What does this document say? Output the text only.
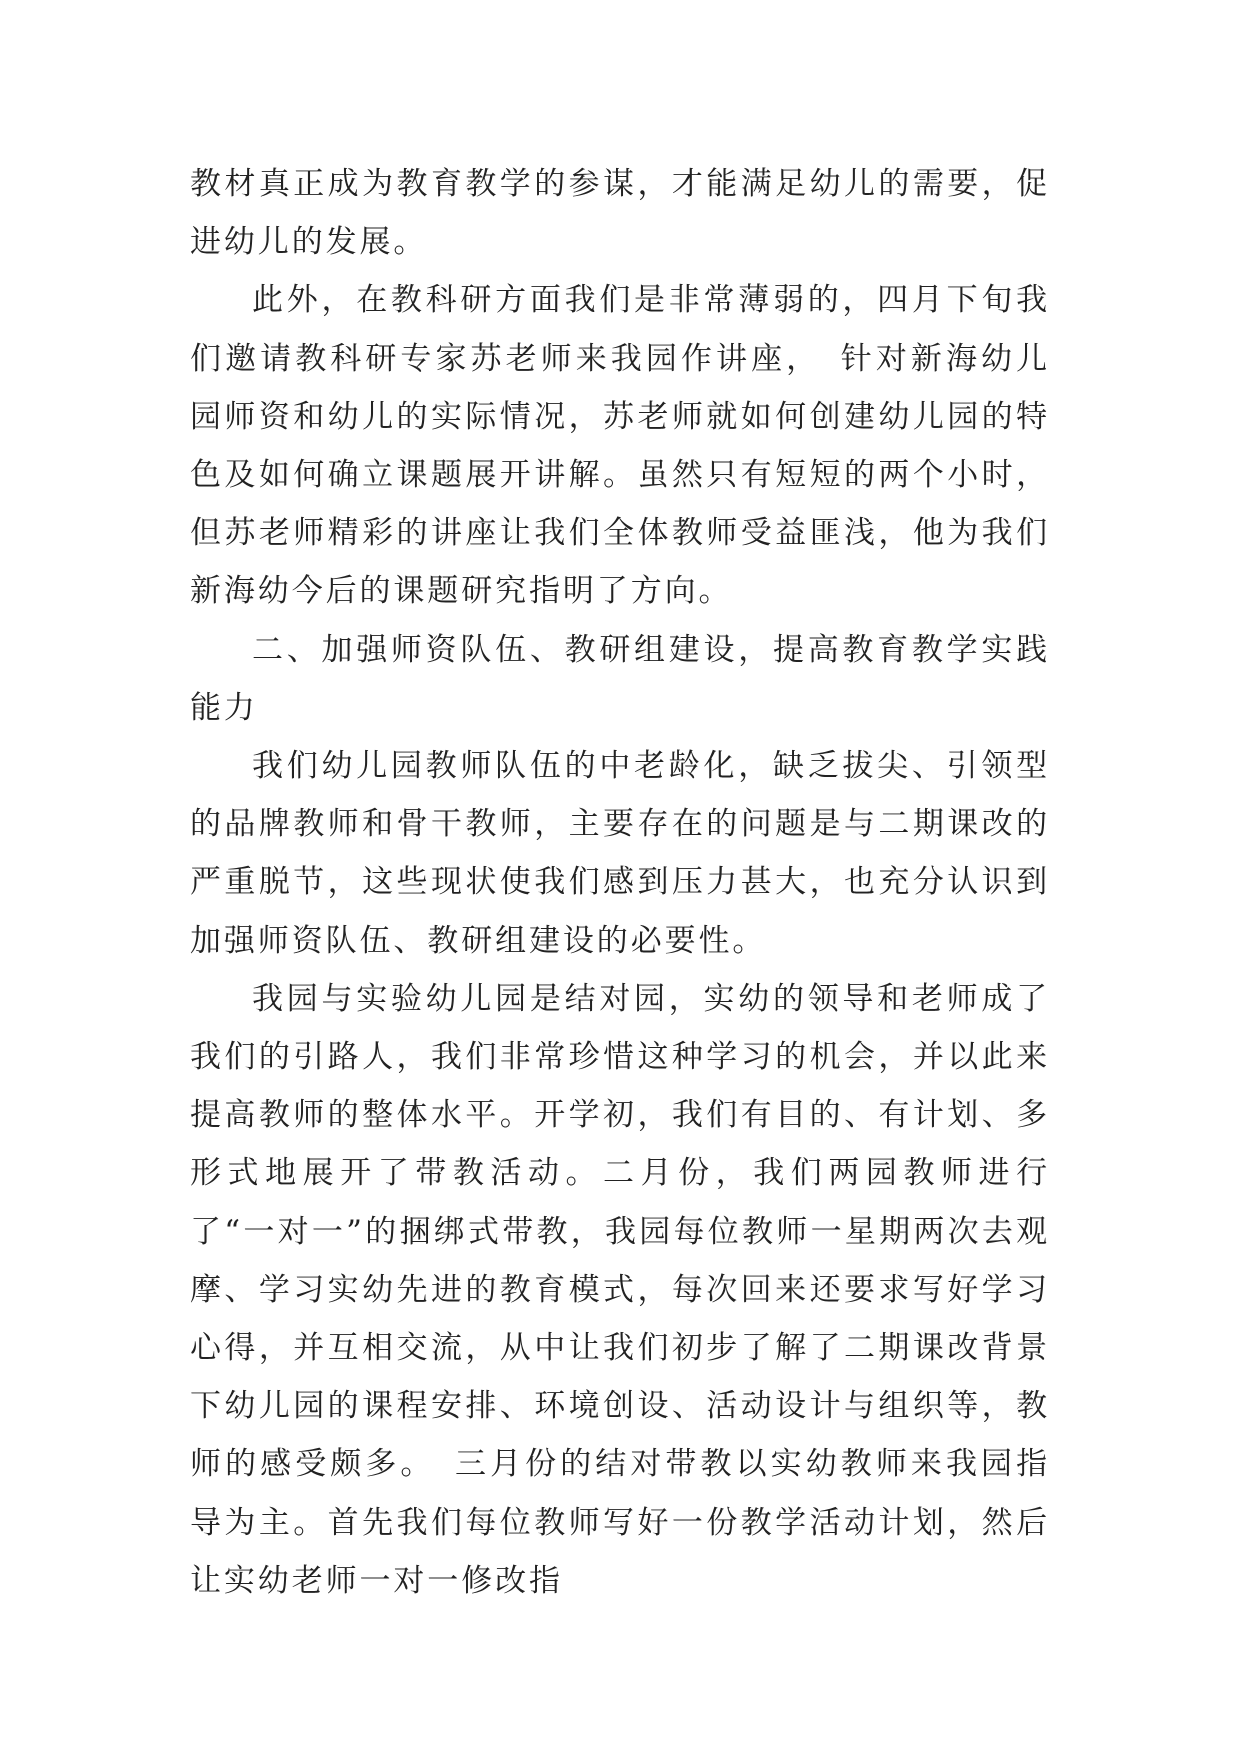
教材真正成为教育教学的参谋，才能满足幼儿的需要，促进幼儿的发展。

此外，在教科研方面我们是非常薄弱的，四月下旬我们邀请教科研专家苏老师来我园作讲座，　针对新海幼儿园师资和幼儿的实际情况，苏老师就如何创建幼儿园的特色及如何确立课题展开讲解。虽然只有短短的两个小时，但苏老师精彩的讲座让我们全体教师受益匪浅，他为我们新海幼今后的课题研究指明了方向。

二、加强师资队伍、教研组建设，提高教育教学实践能力

我们幼儿园教师队伍的中老龄化，缺乏拔尖、引领型的品牌教师和骨干教师，主要存在的问题是与二期课改的严重脱节，这些现状使我们感到压力甚大，也充分认识到加强师资队伍、教研组建设的必要性。

我园与实验幼儿园是结对园，实幼的领导和老师成了我们的引路人，我们非常珍惜这种学习的机会，并以此来提高教师的整体水平。开学初，我们有目的、有计划、多形式地展开了带教活动。二月份，我们两园教师进行了“一对一”的捆绑式带教，我园每位教师一星期两次去观摩、学习实幼先进的教育模式，每次回来还要求写好学习心得，并互相交流，从中让我们初步了解了二期课改背景下幼儿园的课程安排、环境创设、活动设计与组织等，教师的感受颇多。　三月份的结对带教以实幼教师来我园指导为主。首先我们每位教师写好一份教学活动计划，然后让实幼老师一对一修改指
